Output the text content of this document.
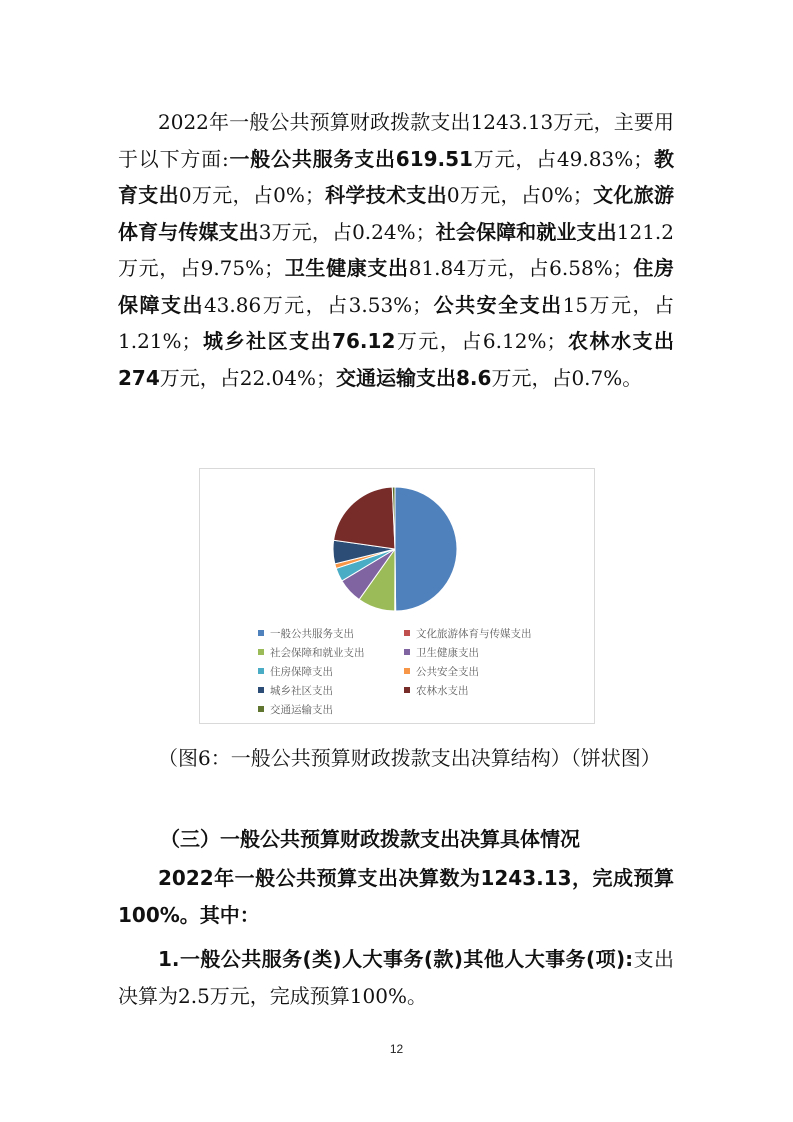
2022年一般公共预算财政拨款支出1243.13万元，主要用于以下方面:一般公共服务支出619.51万元，占49.83%；教育支出0万元，占0%；科学技术支出0万元，占0%；文化旅游体育与传媒支出3万元，占0.24%；社会保障和就业支出121.2万元，占9.75%；卫生健康支出81.84万元，占6.58%；住房保障支出43.86万元，占3.53%；公共安全支出15万元，占1.21%；城乡社区支出76.12万元，占6.12%；农林水支出274万元，占22.04%；交通运输支出8.6万元，占0.7%。
一般公共服务支出	文化旅游体育与传媒支出
社会保障和就业支出	卫生健康支出
住房保障支出	公共安全支出
城乡社区支出	农林水支出
交通运输支出
（图6：一般公共预算财政拨款支出决算结构）（饼状图）
（三）一般公共预算财政拨款支出决算具体情况
2022年一般公共预算支出决算数为1243.13，完成预算100%。其中：
1.一般公共服务(类)人大事务(款)其他人大事务(项):支出决算为2.5万元，完成预算100%。
12
